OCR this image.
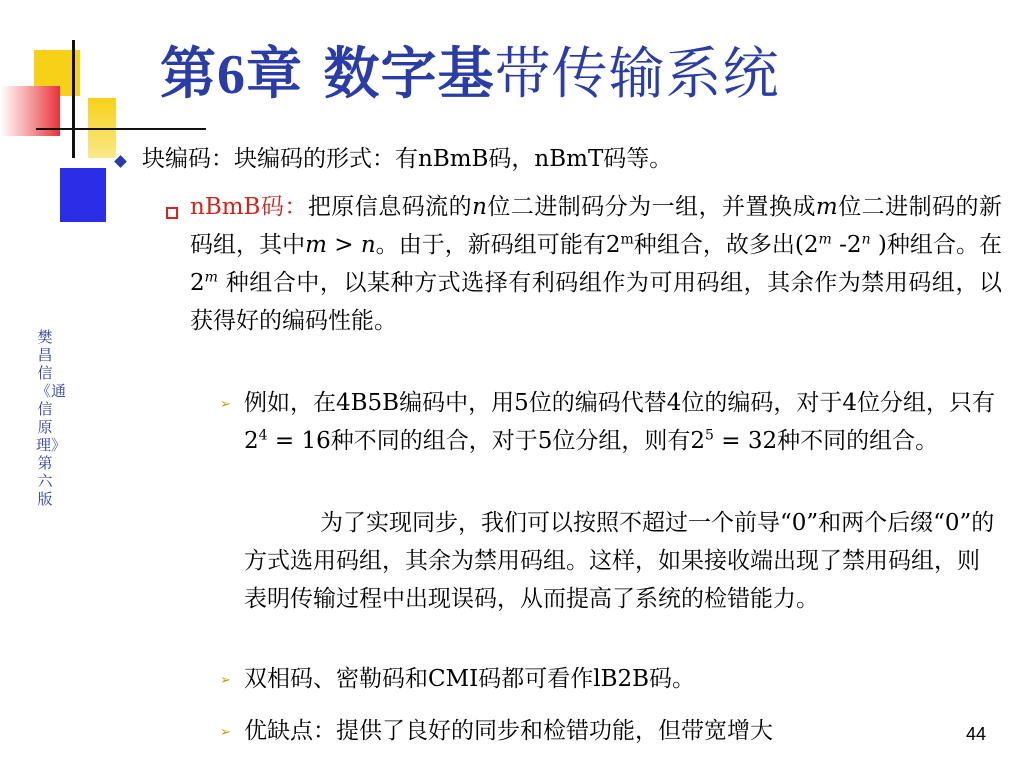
第6章 数字基带传输系统
樊昌信《通信原理》第六版
块编码：块编码的形式：有nBmB码，nBmT码等。
nBmB码：把原信息码流的n位二进制码分为一组，并置换成m位二进制码的新码组，其中m > n。由于，新码组可能有2$^m$种组合，故多出(2$^m$ -2$^n$ )种组合。在2$^m$ 种组合中，以某种方式选择有利码组作为可用码组，其余作为禁用码组，以获得好的编码性能。
➢ 例如，在4B5B编码中，用5位的编码代替4位的编码，对于4位分组，只有$2^4 = 16$种不同的组合，对于5位分组，则有$2^5 = 32$种不同的组合。
为了实现同步，我们可以按照不超过一个前导“0”和两个后缀“0”的方式选用码组，其余为禁用码组。这样，如果接收端出现了禁用码组，则表明传输过程中出现误码，从而提高了系统的检错能力。
➢ 双相码、密勒码和CMI码都可看作lB2B码。
➢ 优缺点：提供了良好的同步和检错功能，但带宽增大	44
